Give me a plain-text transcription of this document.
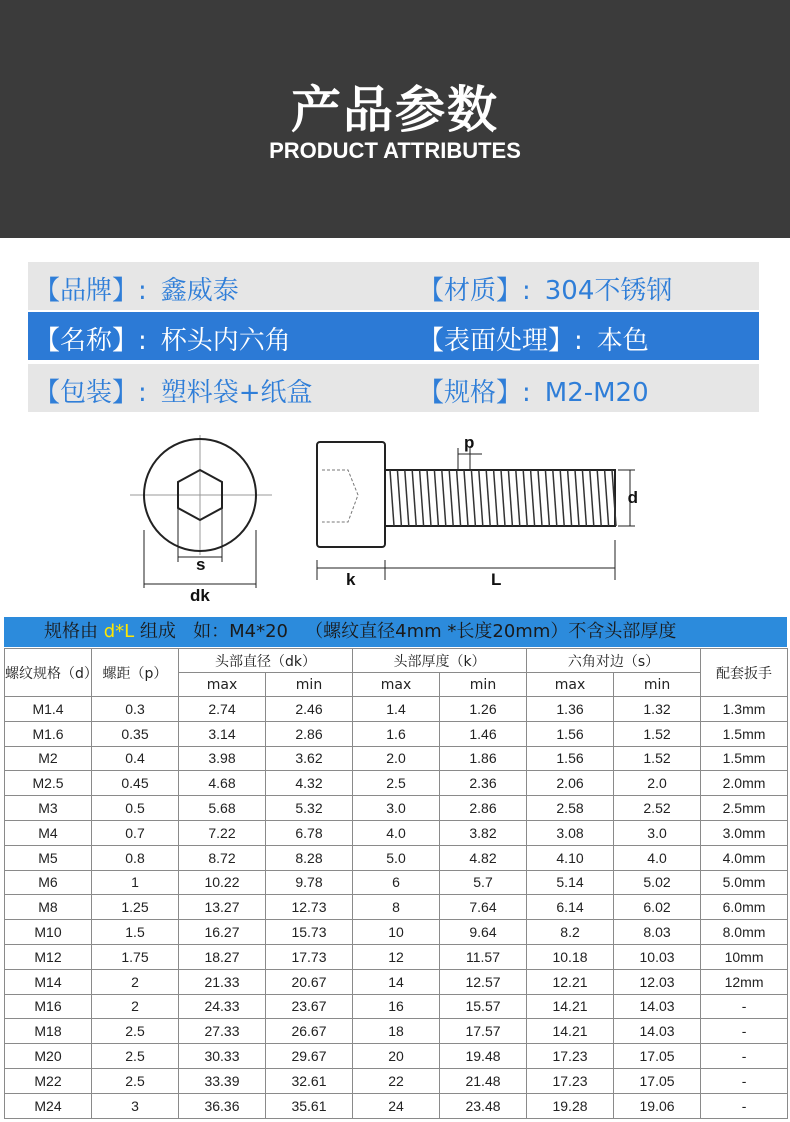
产品参数
PRODUCT ATTRIBUTES
【品牌】: 鑫威泰	【材质】: 304不锈钢
【名称】: 杯头内六角	【表面处理】: 本色
【包装】: 塑料袋+纸盒	【规格】: M2-M20
s
dk
p
d
k	L
规格由 d*L 组成   如：M4*20   （螺纹直径4mm *长度20mm）不含头部厚度
螺纹规格（d）	螺距（p）	头部直径（dk）		头部厚度（k）		六角对边（s）		配套扳手
		max	min	max	min	max	min	
M1.4	0.3	2.74	2.46	1.4	1.26	1.36	1.32	1.3mm
M1.6	0.35	3.14	2.86	1.6	1.46	1.56	1.52	1.5mm
M2	0.4	3.98	3.62	2.0	1.86	1.56	1.52	1.5mm
M2.5	0.45	4.68	4.32	2.5	2.36	2.06	2.0	2.0mm
M3	0.5	5.68	5.32	3.0	2.86	2.58	2.52	2.5mm
M4	0.7	7.22	6.78	4.0	3.82	3.08	3.0	3.0mm
M5	0.8	8.72	8.28	5.0	4.82	4.10	4.0	4.0mm
M6	1	10.22	9.78	6	5.7	5.14	5.02	5.0mm
M8	1.25	13.27	12.73	8	7.64	6.14	6.02	6.0mm
M10	1.5	16.27	15.73	10	9.64	8.2	8.03	8.0mm
M12	1.75	18.27	17.73	12	11.57	10.18	10.03	10mm
M14	2	21.33	20.67	14	12.57	12.21	12.03	12mm
M16	2	24.33	23.67	16	15.57	14.21	14.03	-
M18	2.5	27.33	26.67	18	17.57	14.21	14.03	-
M20	2.5	30.33	29.67	20	19.48	17.23	17.05	-
M22	2.5	33.39	32.61	22	21.48	17.23	17.05	-
M24	3	36.36	35.61	24	23.48	19.28	19.06	-
